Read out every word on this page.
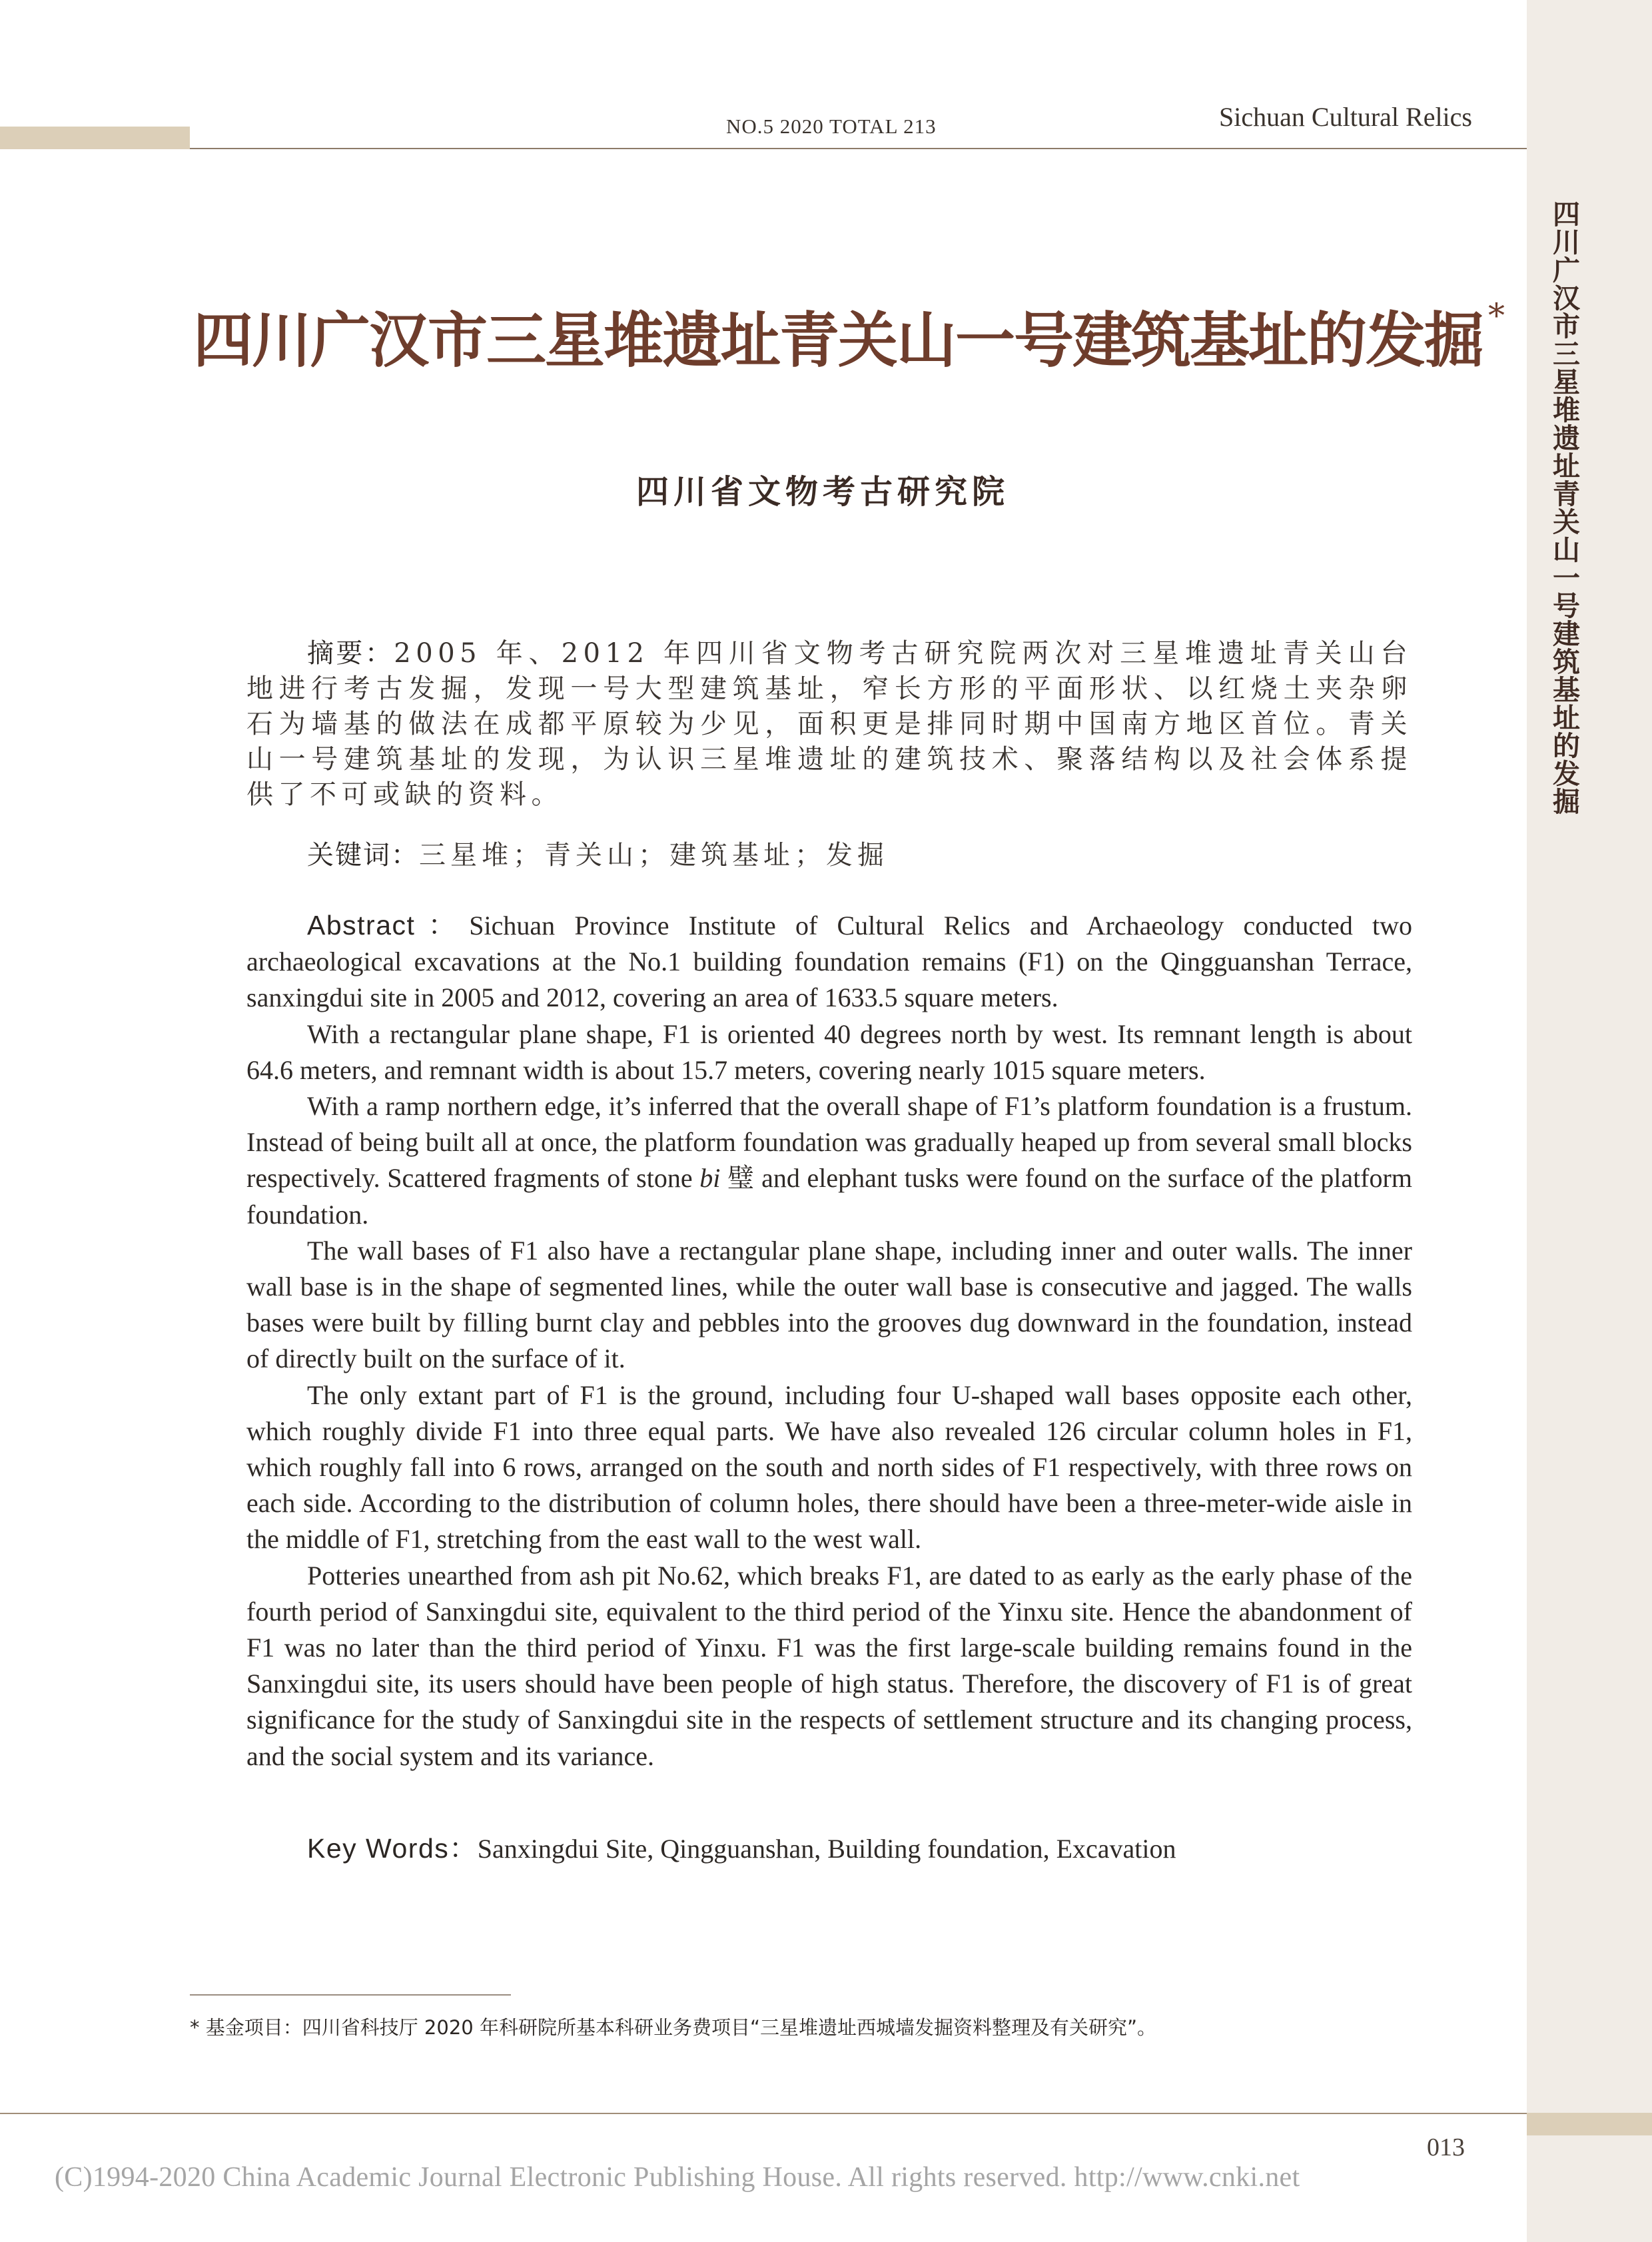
NO.5 2020 TOTAL 213	Sichuan Cultural Relics
四川广汉市三星堆遗址青关山一号建筑基址的发掘
四川广汉市三星堆遗址青关山一号建筑基址的发掘 *
四川省文物考古研究院

摘要：2005 年、2012 年四川省文物考古研究院两次对三星堆遗址青关山台地进行考古发掘，发现一号大型建筑基址，窄长方形的平面形状、以红烧土夹杂卵石为墙基的做法在成都平原较为少见，面积更是排同时期中国南方地区首位。青关山一号建筑基址的发现，为认识三星堆遗址的建筑技术、聚落结构以及社会体系提供了不可或缺的资料。

关键词：三星堆；青关山；建筑基址；发掘

Abstract：Sichuan Province Institute of Cultural Relics and Archaeology conducted two archaeological excavations at the No.1 building foundation remains (F1) on the Qingguanshan Terrace, sanxingdui site in 2005 and 2012, covering an area of 1633.5 square meters.

With a rectangular plane shape, F1 is oriented 40 degrees north by west. Its remnant length is about 64.6 meters, and remnant width is about 15.7 meters, covering nearly 1015 square meters.

With a ramp northern edge, it’s inferred that the overall shape of F1’s platform foundation is a frustum. Instead of being built all at once, the platform foundation was gradually heaped up from several small blocks respectively. Scattered fragments of stone bi 璧 and elephant tusks were found on the surface of the platform foundation.

The wall bases of F1 also have a rectangular plane shape, including inner and outer walls. The inner wall base is in the shape of segmented lines, while the outer wall base is consecutive and jagged. The walls bases were built by filling burnt clay and pebbles into the grooves dug downward in the foundation, instead of directly built on the surface of it.

The only extant part of F1 is the ground, including four U-shaped wall bases opposite each other, which roughly divide F1 into three equal parts. We have also revealed 126 circular column holes in F1, which roughly fall into 6 rows, arranged on the south and north sides of F1 respectively, with three rows on each side. According to the distribution of column holes, there should have been a three-meter-wide aisle in the middle of F1, stretching from the east wall to the west wall.

Potteries unearthed from ash pit No.62, which breaks F1, are dated to as early as the early phase of the fourth period of Sanxingdui site, equivalent to the third period of the Yinxu site. Hence the abandonment of F1 was no later than the third period of Yinxu. F1 was the first large-scale building remains found in the Sanxingdui site, its users should have been people of high status. Therefore, the discovery of F1 is of great significance for the study of Sanxingdui site in the respects of settlement structure and its changing process, and the social system and its variance.

Key Words：Sanxingdui Site, Qingguanshan, Building foundation, Excavation
* 基金项目：四川省科技厅 2020 年科研院所基本科研业务费项目“三星堆遗址西城墙发掘资料整理及有关研究”。
013
(C)1994-2020 China Academic Journal Electronic Publishing House. All rights reserved. http://www.cnki.net
